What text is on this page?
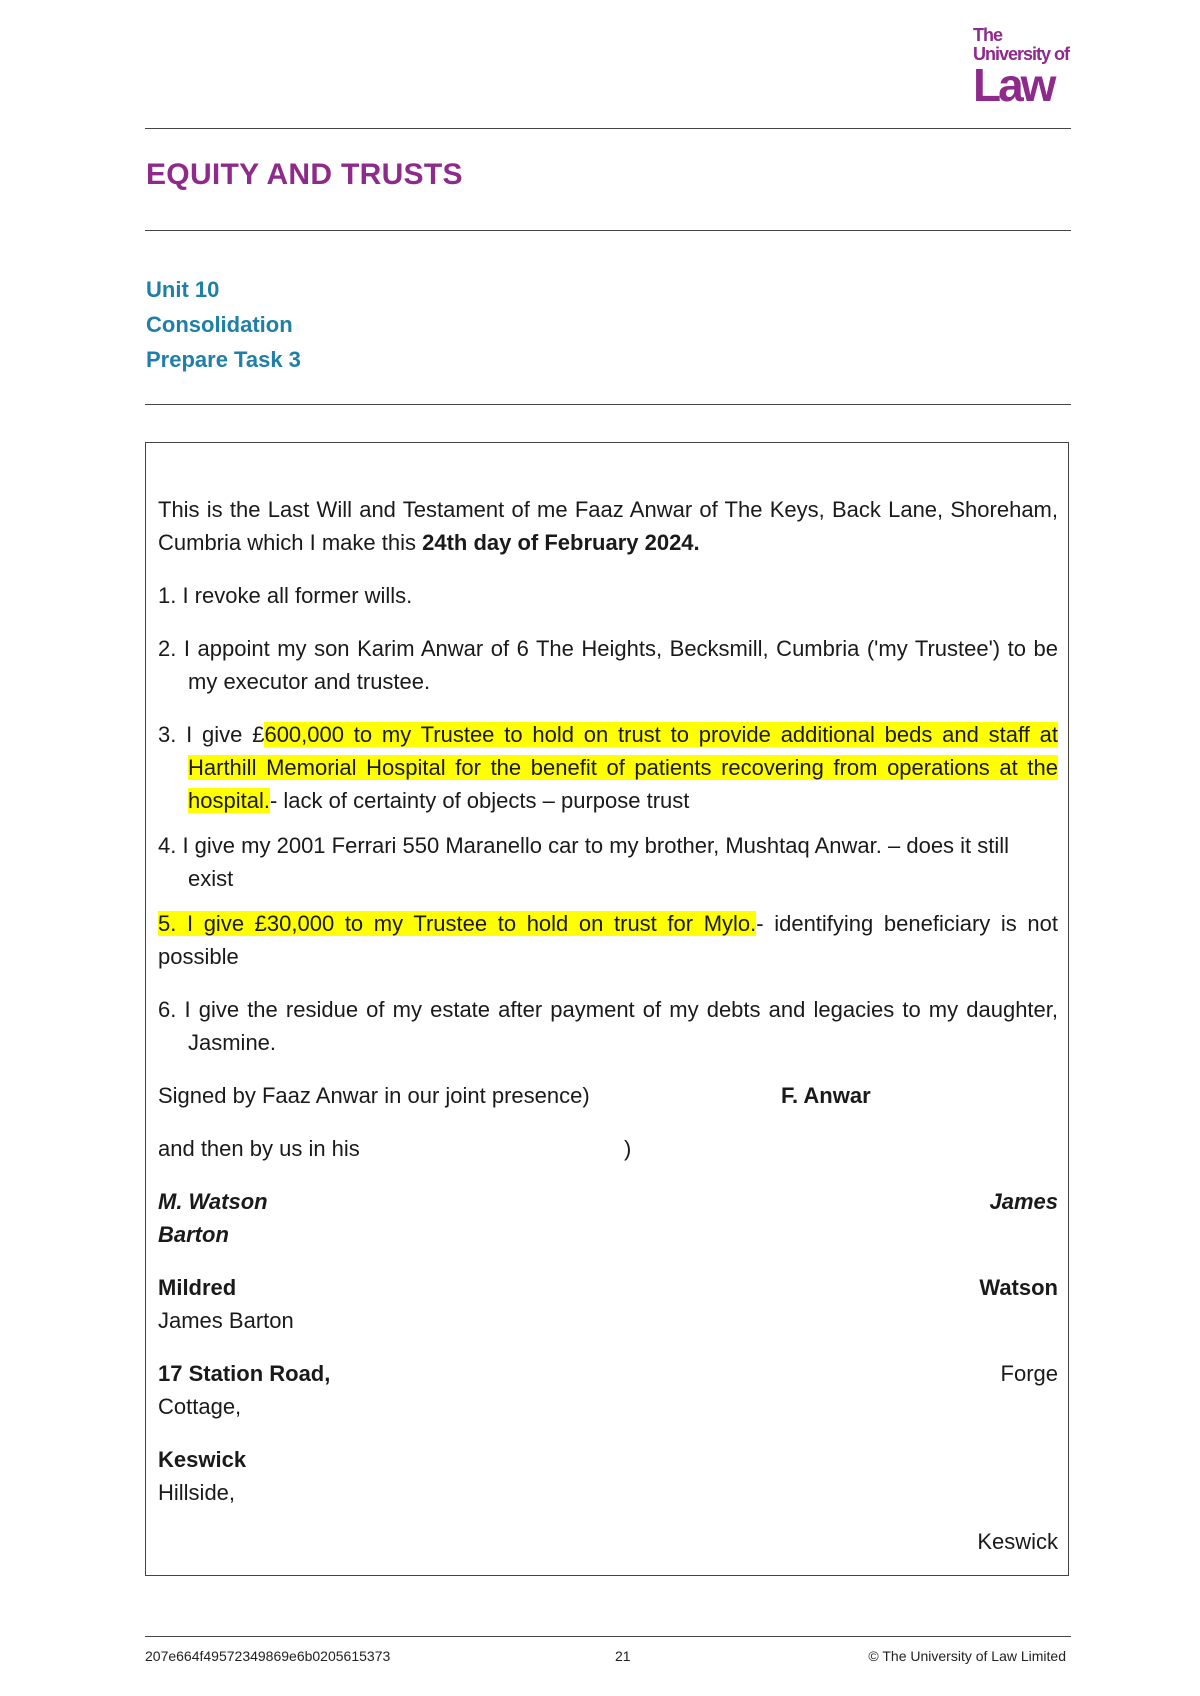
The
University of
Law
EQUITY AND TRUSTS
Unit 10
Consolidation
Prepare Task 3

This is the Last Will and Testament of me Faaz Anwar of The Keys, Back Lane, Shoreham, Cumbria which I make this 24th day of February 2024.

1. I revoke all former wills.

2. I appoint my son Karim Anwar of 6 The Heights, Becksmill, Cumbria ('my Trustee') to be my executor and trustee.

3. I give £600,000 to my Trustee to hold on trust to provide additional beds and staff at Harthill Memorial Hospital for the benefit of patients recovering from operations at the hospital.- lack of certainty of objects – purpose trust

4. I give my 2001 Ferrari 550 Maranello car to my brother, Mushtaq Anwar. – does it still exist

5. I give £30,000 to my Trustee to hold on trust for Mylo.- identifying beneficiary is not possible

6. I give the residue of my estate after payment of my debts and legacies to my daughter, Jasmine.

Signed by Faaz Anwar in our joint presence)	F. Anwar

and then by us in his	)

M. Watson	James
Barton
Mildred	Watson
James Barton
17 Station Road,	Forge
Cottage,
Keswick
Hillside,
Keswick
207e664f49572349869e6b0205615373	21	© The University of Law Limited
